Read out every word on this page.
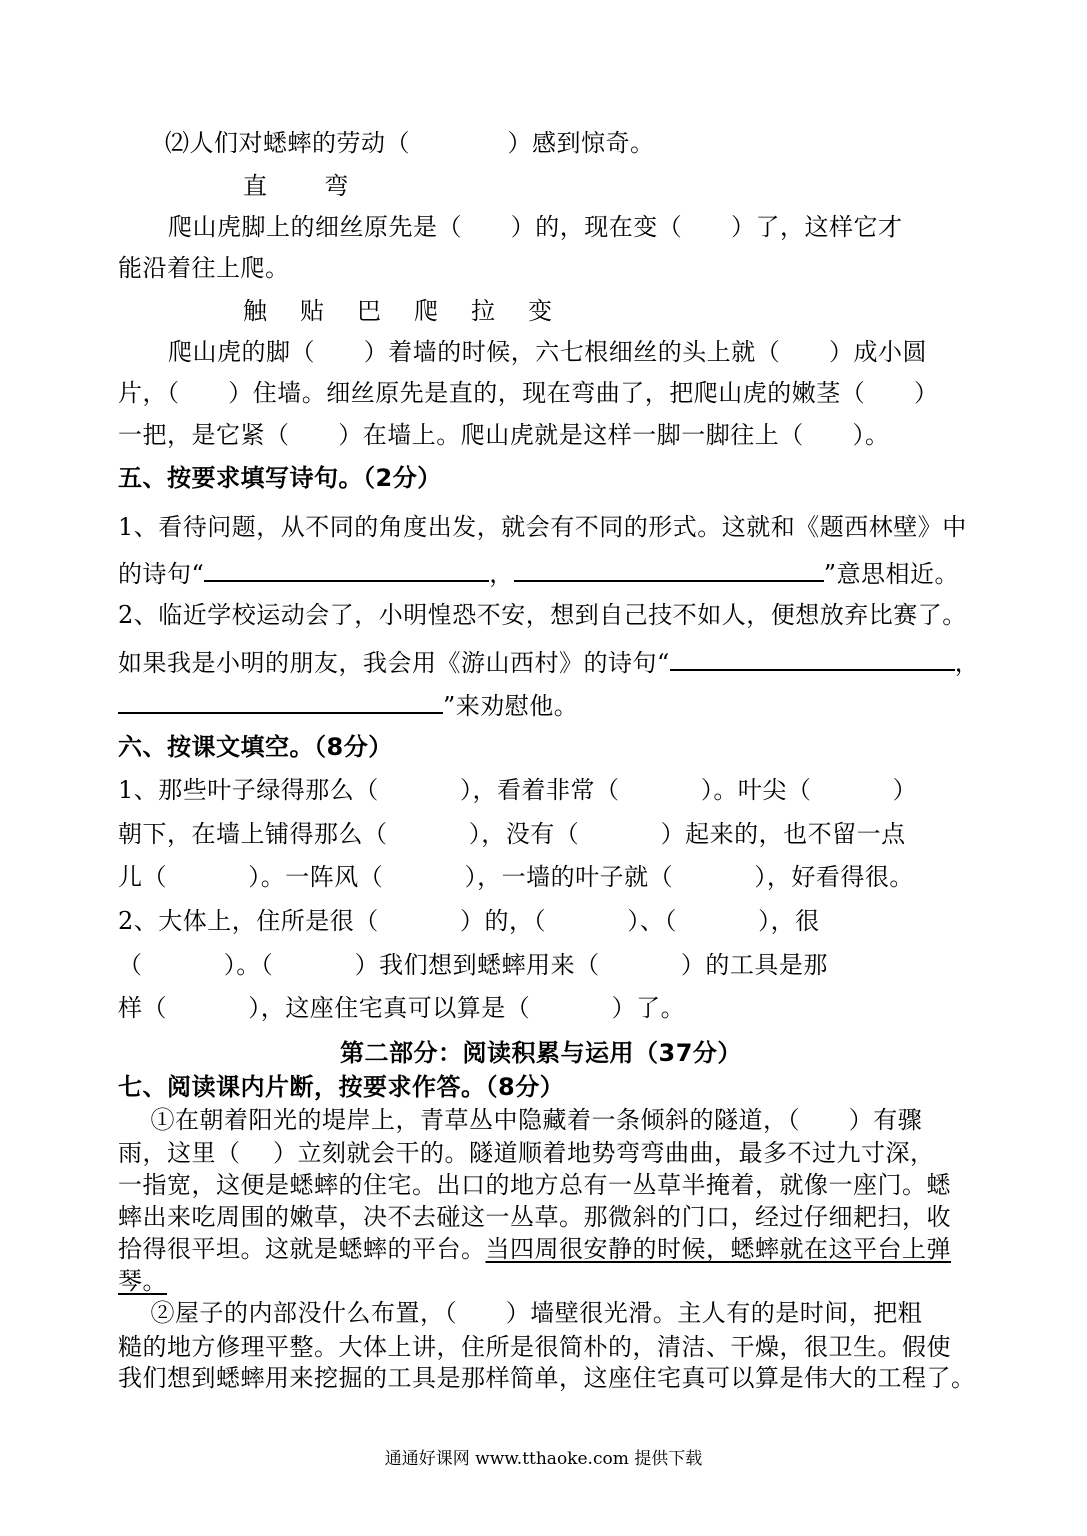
⑵人们对蟋蟀的劳动（            ）感到惊奇。
直       弯
爬山虎脚上的细丝原先是（      ）的，现在变（      ）了，这样它才
能沿着往上爬。
触    贴    巴    爬    拉    变
爬山虎的脚（      ）着墙的时候，六七根细丝的头上就（      ）成小圆
片，（      ）住墙。细丝原先是直的，现在弯曲了，把爬山虎的嫩茎（      ）
一把，是它紧（      ）在墙上。爬山虎就是这样一脚一脚往上（      ）。
五、按要求填写诗句。（2分）
1、看待问题，从不同的角度出发，就会有不同的形式。这就和《题西林壁》中
的诗句“	，	”意思相近。
2、临近学校运动会了，小明惶恐不安，想到自己技不如人，便想放弃比赛了。
如果我是小明的朋友，我会用《游山西村》的诗句“	，
”来劝慰他。
六、按课文填空。（8分）
1、那些叶子绿得那么（          ），看着非常（          ）。叶尖（          ）
朝下，在墙上铺得那么（          ），没有（          ）起来的，也不留一点
儿（          ）。一阵风（          ），一墙的叶子就（          ），好看得很。
2、大体上，住所是很（          ）的，（          ）、（          ），很
（          ）。（          ）我们想到蟋蟀用来（          ）的工具是那
样（          ），这座住宅真可以算是（          ）了。
第二部分：阅读积累与运用（37分）
七、阅读课内片断，按要求作答。（8分）
①在朝着阳光的堤岸上，青草丛中隐藏着一条倾斜的隧道，（      ）有骤
雨，这里（    ）立刻就会干的。隧道顺着地势弯弯曲曲，最多不过九寸深，
一指宽，这便是蟋蟀的住宅。出口的地方总有一丛草半掩着，就像一座门。蟋
蟀出来吃周围的嫩草，决不去碰这一丛草。那微斜的门口，经过仔细耙扫，收
拾得很平坦。这就是蟋蟀的平台。当四周很安静的时候，蟋蟀就在这平台上弹
琴。
②屋子的内部没什么布置，（      ）墙壁很光滑。主人有的是时间，把粗
糙的地方修理平整。大体上讲，住所是很简朴的，清洁、干燥，很卫生。假使
我们想到蟋蟀用来挖掘的工具是那样简单，这座住宅真可以算是伟大的工程了。
通通好课网 www.tthaoke.com 提供下载
